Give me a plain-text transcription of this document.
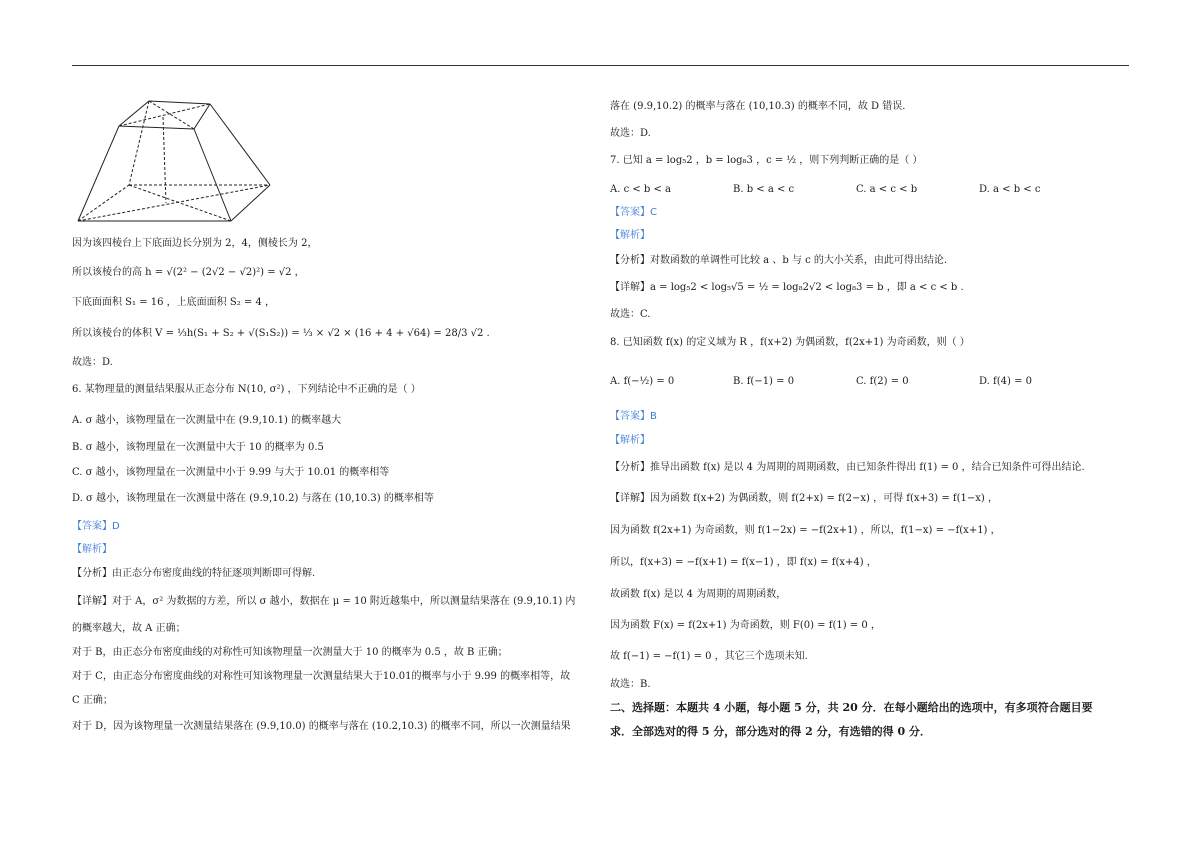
因为该四棱台上下底面边长分别为 2，4，侧棱长为 2，
所以该棱台的高 h = √(2² − (2√2 − √2)²) = √2 ，
下底面面积 S₁ = 16 ，上底面面积 S₂ = 4 ，
所以该棱台的体积 V = ⅓h(S₁ + S₂ + √(S₁S₂)) = ⅓ × √2 × (16 + 4 + √64) = 28/3 √2 .
故选：D.
6. 某物理量的测量结果服从正态分布 N(10, σ²) ，下列结论中不正确的是（ ）
A. σ 越小，该物理量在一次测量中在 (9.9,10.1) 的概率越大
B. σ 越小，该物理量在一次测量中大于 10 的概率为 0.5
C. σ 越小，该物理量在一次测量中小于 9.99 与大于 10.01 的概率相等
D. σ 越小，该物理量在一次测量中落在 (9.9,10.2) 与落在 (10,10.3) 的概率相等
【答案】D
【解析】
【分析】由正态分布密度曲线的特征逐项判断即可得解.
【详解】对于 A，σ² 为数据的方差，所以 σ 越小，数据在 μ = 10 附近越集中，所以测量结果落在 (9.9,10.1) 内
的概率越大，故 A 正确；
对于 B，由正态分布密度曲线的对称性可知该物理量一次测量大于 10 的概率为 0.5 ，故 B 正确；
对于 C，由正态分布密度曲线的对称性可知该物理量一次测量结果大于10.01的概率与小于 9.99 的概率相等，故
C 正确；
对于 D，因为该物理量一次测量结果落在 (9.9,10.0) 的概率与落在 (10.2,10.3) 的概率不同，所以一次测量结果
落在 (9.9,10.2) 的概率与落在 (10,10.3) 的概率不同，故 D 错误.
故选：D.
7. 已知 a = log₅2 ，b = log₈3 ，c = ½ ，则下列判断正确的是（ ）
A. c < b < a	B. b < a < c	C. a < c < b	D. a < b < c
【答案】C
【解析】
【分析】对数函数的单调性可比较 a 、b 与 c 的大小关系，由此可得出结论.
【详解】a = log₅2 < log₅√5 = ½ = log₈2√2 < log₈3 = b ，即 a < c < b .
故选：C.
8. 已知函数 f(x) 的定义域为 R ，f(x+2) 为偶函数，f(2x+1) 为奇函数，则（ ）
A. f(−½) = 0	B. f(−1) = 0	C. f(2) = 0	D. f(4) = 0
【答案】B
【解析】
【分析】推导出函数 f(x) 是以 4 为周期的周期函数，由已知条件得出 f(1) = 0 ，结合已知条件可得出结论.
【详解】因为函数 f(x+2) 为偶函数，则 f(2+x) = f(2−x) ，可得 f(x+3) = f(1−x) ，
因为函数 f(2x+1) 为奇函数，则 f(1−2x) = −f(2x+1) ，所以，f(1−x) = −f(x+1) ，
所以，f(x+3) = −f(x+1) = f(x−1) ，即 f(x) = f(x+4) ，
故函数 f(x) 是以 4 为周期的周期函数，
因为函数 F(x) = f(2x+1) 为奇函数，则 F(0) = f(1) = 0 ，
故 f(−1) = −f(1) = 0 ，其它三个选项未知.
故选：B.
二、选择题：本题共 4 小题，每小题 5 分，共 20 分．在每小题给出的选项中，有多项符合题目要
求．全部选对的得 5 分，部分选对的得 2 分，有选错的得 0 分．
